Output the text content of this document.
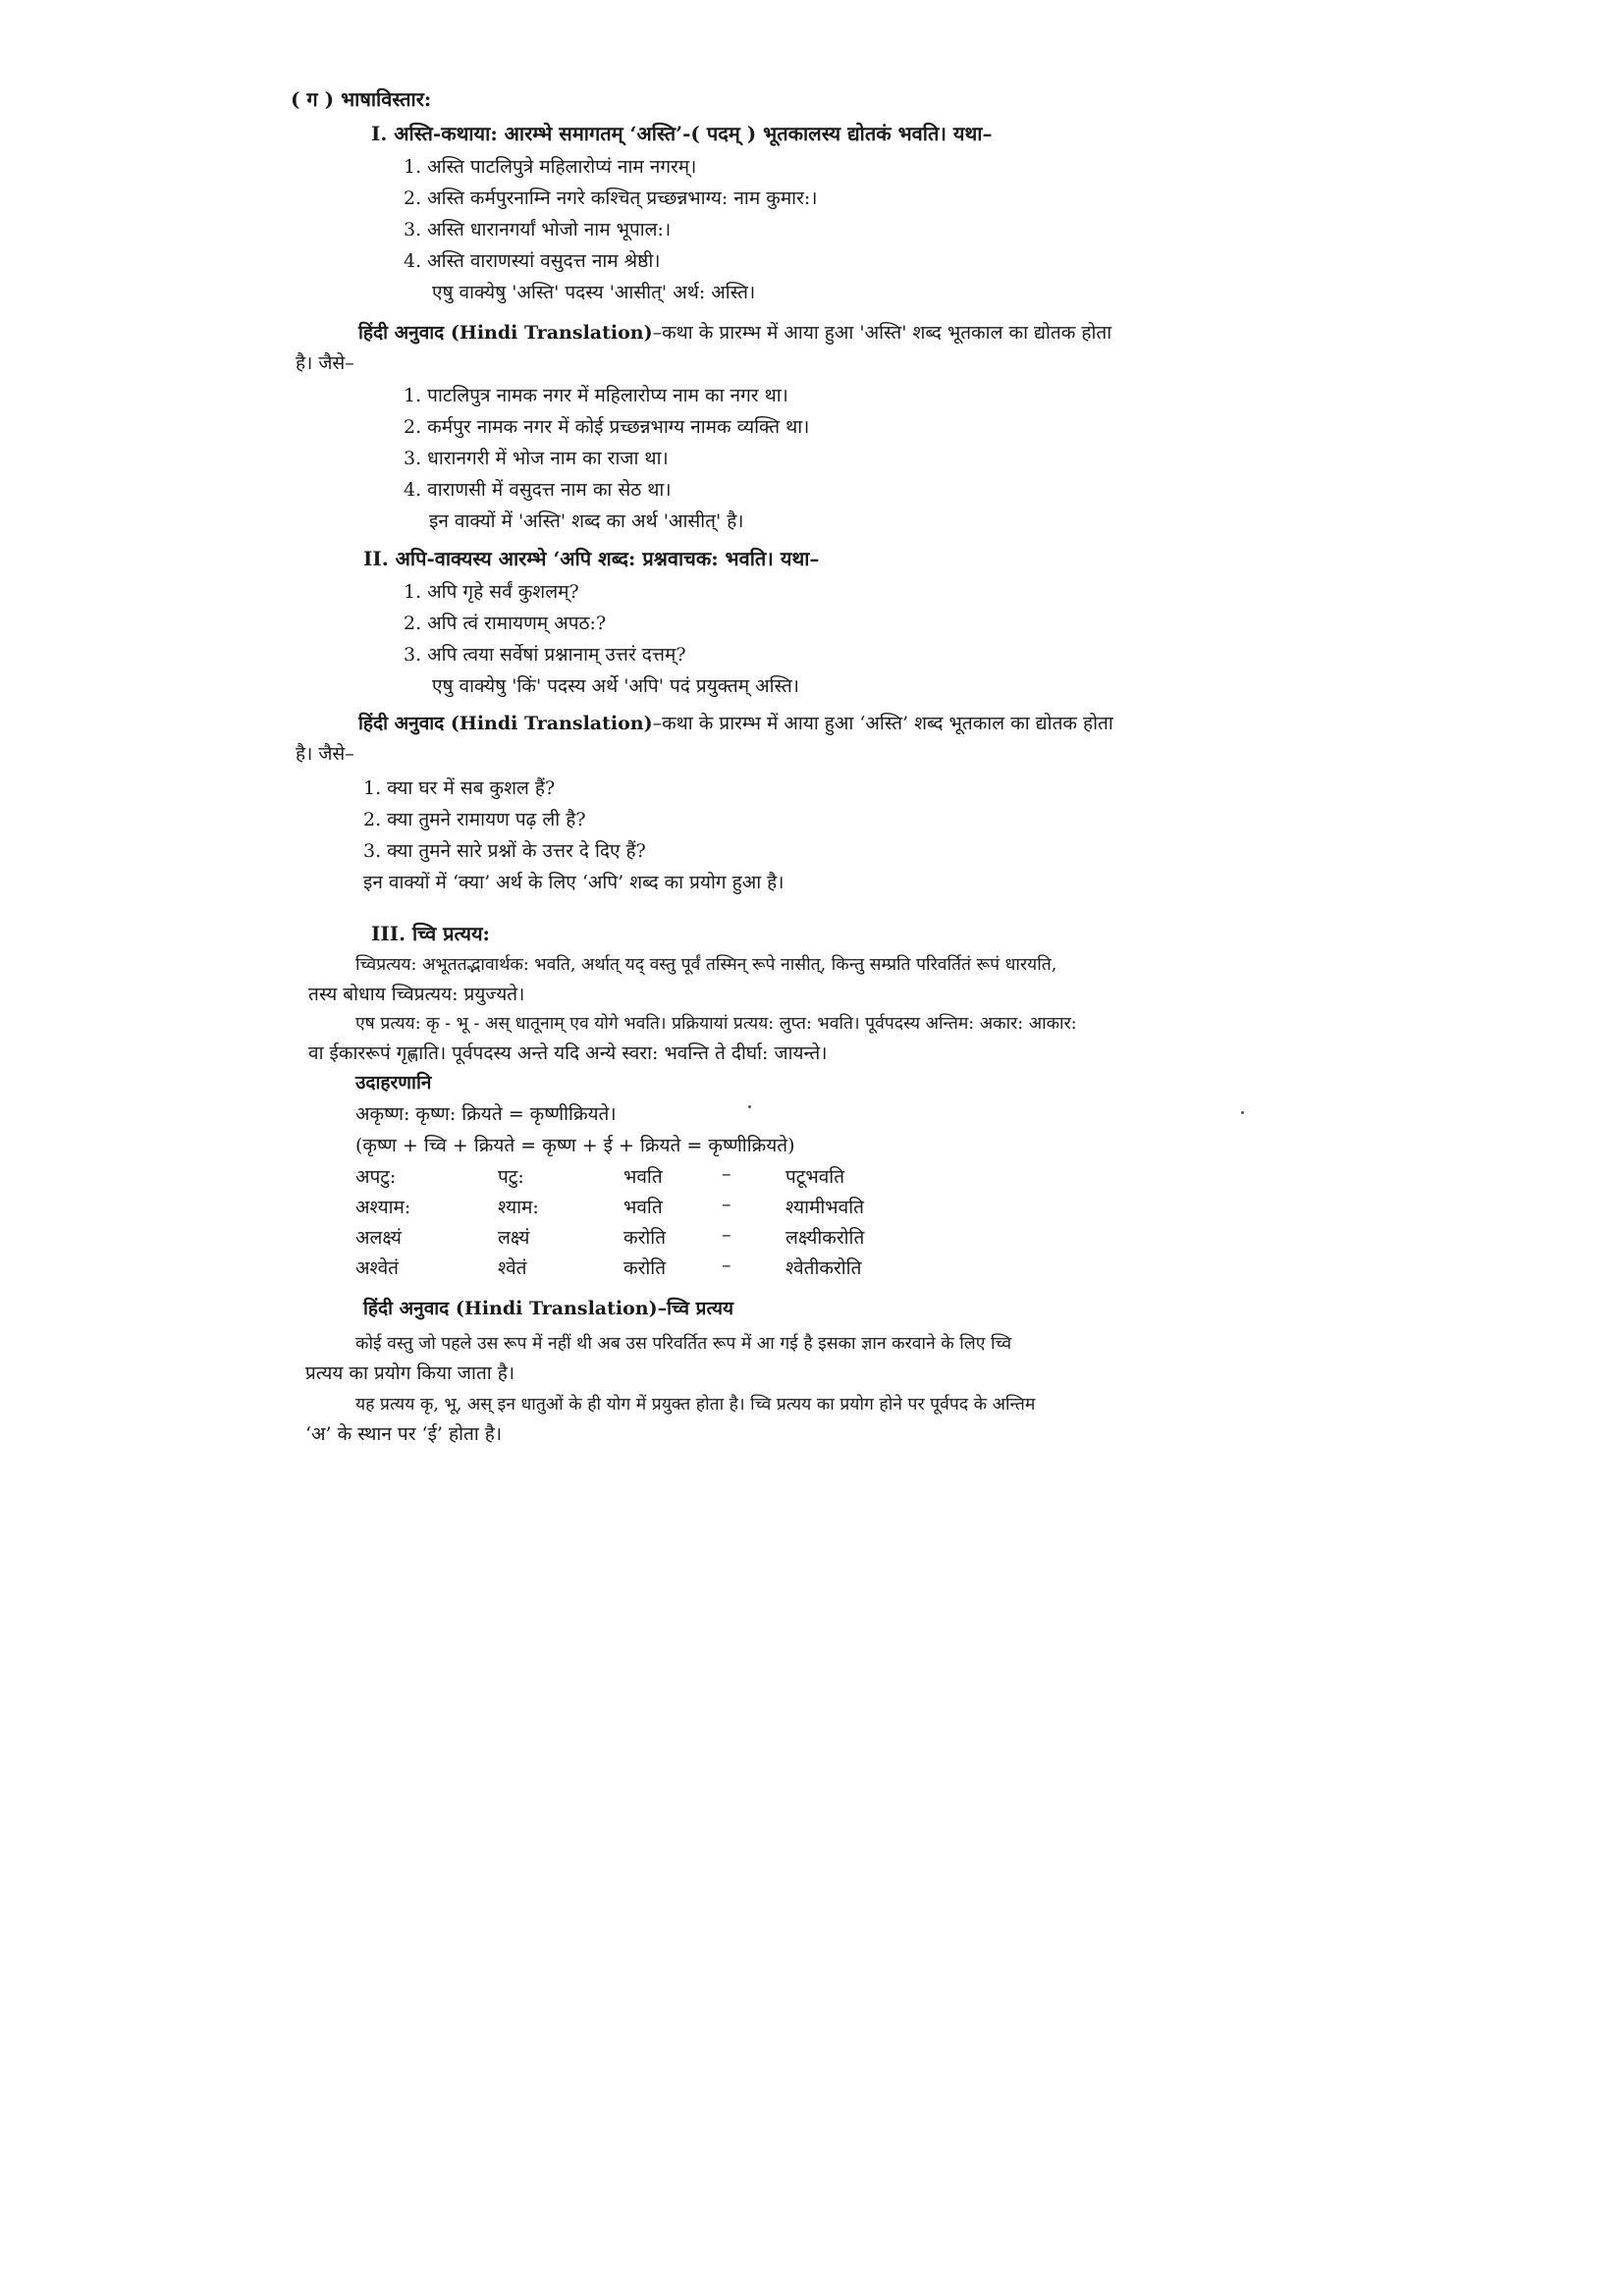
( ग ) भाषाविस्तार:
I. अस्ति-कथाया: आरम्भे समागतम् ‘अस्ति’-( पदम् ) भूतकालस्य द्योतकं भवति। यथा–
1. अस्ति पाटलिपुत्रे महिलारोप्यं नाम नगरम्।
2. अस्ति कर्मपुरनाम्नि नगरे कश्चित् प्रच्छन्नभाग्य: नाम कुमार:।
3. अस्ति धारानगर्यां भोजो नाम भूपाल:।
4. अस्ति वाराणस्यां वसुदत्त नाम श्रेष्ठी।
एषु वाक्येषु 'अस्ति' पदस्य 'आसीत्' अर्थ: अस्ति।
हिंदी अनुवाद (Hindi Translation)–कथा के प्रारम्भ में आया हुआ 'अस्ति' शब्द भूतकाल का द्योतक होता
है। जैसे–
1. पाटलिपुत्र नामक नगर में महिलारोप्य नाम का नगर था।
2. कर्मपुर नामक नगर में कोई प्रच्छन्नभाग्य नामक व्यक्ति था।
3. धारानगरी में भोज नाम का राजा था।
4. वाराणसी में वसुदत्त नाम का सेठ था।
इन वाक्यों में 'अस्ति' शब्द का अर्थ 'आसीत्' है।
II. अपि-वाक्यस्य आरम्भे ‘अपि शब्द: प्रश्नवाचक: भवति। यथा–
1. अपि गृहे सर्वं कुशलम्?
2. अपि त्वं रामायणम् अपठ:?
3. अपि त्वया सर्वेषां प्रश्नानाम् उत्तरं दत्तम्?
एषु वाक्येषु 'किं' पदस्य अर्थे 'अपि' पदं प्रयुक्तम् अस्ति।
हिंदी अनुवाद (Hindi Translation)–कथा के प्रारम्भ में आया हुआ ‘अस्ति’ शब्द भूतकाल का द्योतक होता
है। जैसे–
1. क्या घर में सब कुशल हैं?
2. क्या तुमने रामायण पढ़ ली है?
3. क्या तुमने सारे प्रश्नों के उत्तर दे दिए हैं?
इन वाक्यों में ‘क्या’ अर्थ के लिए ‘अपि’ शब्द का प्रयोग हुआ है।
III. च्वि प्रत्यय:
च्विप्रत्यय: अभूततद्भावार्थक: भवति, अर्थात् यद् वस्तु पूर्वं तस्मिन् रूपे नासीत्, किन्तु सम्प्रति परिवर्तितं रूपं धारयति,
तस्य बोधाय च्विप्रत्यय: प्रयुज्यते।
एष प्रत्यय: कृ - भू - अस् धातूनाम् एव योगे भवति। प्रक्रियायां प्रत्यय: लुप्त: भवति। पूर्वपदस्य अन्तिम: अकार: आकार:
वा ईकाररूपं गृह्णाति। पूर्वपदस्य अन्ते यदि अन्ये स्वरा: भवन्ति ते दीर्घा: जायन्ते।
उदाहरणानि
अकृष्ण: कृष्ण: क्रियते = कृष्णीक्रियते।
(कृष्ण + च्वि + क्रियते = कृष्ण + ई + क्रियते = कृष्णीक्रियते)
अपटु:	पटु:	भवति	–	पटूभवति
अश्याम:	श्याम:	भवति	–	श्यामीभवति
अलक्ष्यं	लक्ष्यं	करोति	–	लक्ष्यीकरोति
अश्वेतं	श्वेतं	करोति	–	श्वेतीकरोति
हिंदी अनुवाद (Hindi Translation)–च्वि प्रत्यय
कोई वस्तु जो पहले उस रूप में नहीं थी अब उस परिवर्तित रूप में आ गई है इसका ज्ञान करवाने के लिए च्वि
प्रत्यय का प्रयोग किया जाता है।
यह प्रत्यय कृ, भू, अस् इन धातुओं के ही योग में प्रयुक्त होता है। च्वि प्रत्यय का प्रयोग होने पर पूर्वपद के अन्तिम
‘अ’ के स्थान पर ‘ई’ होता है।
